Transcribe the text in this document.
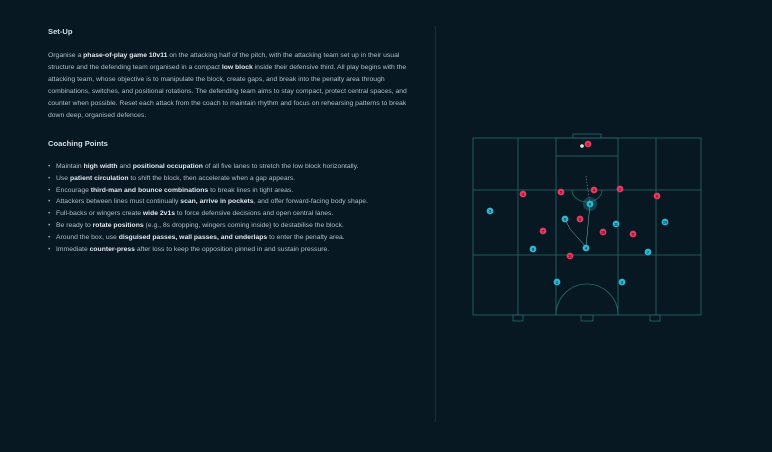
Set-Up

Organise a phase-of-play game 10v11 on the attacking half of the pitch, with the attacking team set up in their usual structure and the defending team organised in a compact low block inside their defensive third. All play begins with the attacking team, whose objective is to manipulate the block, create gaps, and break into the penalty area through combinations, switches, and positional rotations. The defending team aims to stay compact, protect central spaces, and counter when possible. Reset each attack from the coach to maintain rhythm and focus on rehearsing patterns to break down deep, organised defences.

Coaching Points
• Maintain high width and positional occupation of all five lanes to stretch the low block horizontally.
• Use patient circulation to shift the block, then accelerate when a gap appears.
• Encourage third-man and bounce combinations to break lines in tight areas.
• Attackers between lines must continually scan, arrive in pockets, and offer forward-facing body shape.
• Full-backs or wingers create wide 2v1s to force defensive decisions and open central lanes.
• Be ready to rotate positions (e.g., 8s dropping, wingers coming inside) to destabilise the block.
• Around the box, use disguised passes, wall passes, and underlaps to enter the penalty area.
• Immediate counter-press after loss to keep the opposition pinned in and sustain pressure.
1
3	5	4	2
6
8
7	10	9
11
5
6
10
8
11
9	4
7
2	3
